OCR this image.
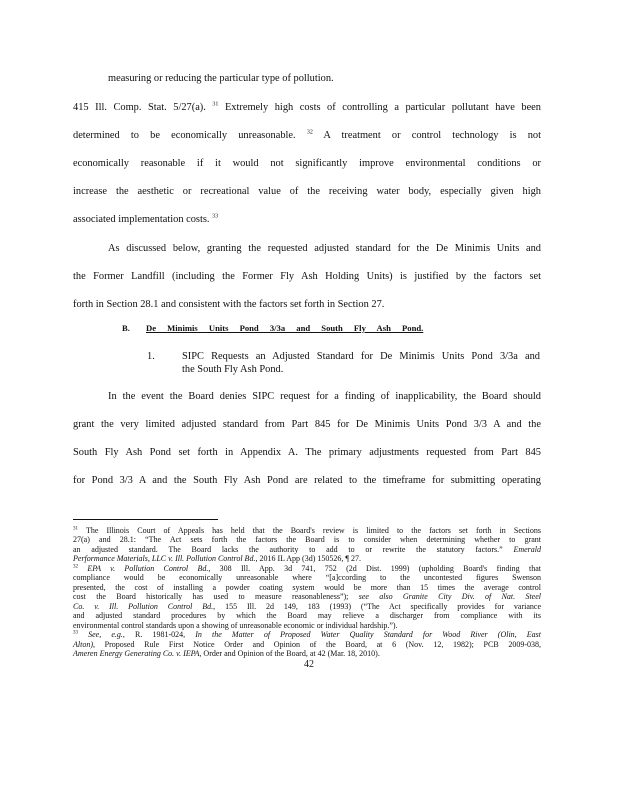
measuring or reducing the particular type of pollution.
415 Ill. Comp. Stat. 5/27(a). $^{31}$ Extremely high costs of controlling a particular pollutant have been
determined to be economically unreasonable. $^{32}$ A treatment or control technology is not
economically reasonable if it would not significantly improve environmental conditions or
increase the aesthetic or recreational value of the receiving water body, especially given high
associated implementation costs. $^{33}$
As discussed below, granting the requested adjusted standard for the De Minimis Units and
the Former Landfill (including the Former Fly Ash Holding Units) is justified by the factors set
forth in Section 28.1 and consistent with the factors set forth in Section 27.
B. De Minimis Units Pond 3/3a and South Fly Ash Pond.
1.	SIPC Requests an Adjusted Standard for De Minimis Units Pond 3/3a and
the South Fly Ash Pond.
In the event the Board denies SIPC request for a finding of inapplicability, the Board should
grant the very limited adjusted standard from Part 845 for De Minimis Units Pond 3/3 A and the
South Fly Ash Pond set forth in Appendix A. The primary adjustments requested from Part 845
for Pond 3/3 A and the South Fly Ash Pond are related to the timeframe for submitting operating
$^{31}$ The Illinois Court of Appeals has held that the Board's review is limited to the factors set forth in Sections
27(a) and 28.1: “The Act sets forth the factors the Board is to consider when determining whether to grant
an adjusted standard. The Board lacks the authority to add to or rewrite the statutory factors.” Emerald
Performance Materials, LLC v. Ill. Pollution Control Bd., 2016 IL App (3d) 150526, ¶ 27.
$^{32}$ EPA v. Pollution Control Bd., 308 Ill. App. 3d 741, 752 (2d Dist. 1999) (upholding Board's finding that
compliance would be economically unreasonable where “[a]ccording to the uncontested figures Swenson
presented, the cost of installing a powder coating system would be more than 15 times the average control
cost the Board historically has used to measure reasonableness”); see also Granite City Div. of Nat. Steel
Co. v. Ill. Pollution Control Bd., 155 Ill. 2d 149, 183 (1993) (“The Act specifically provides for variance
and adjusted standard procedures by which the Board may relieve a discharger from compliance with its
environmental control standards upon a showing of unreasonable economic or individual hardship.”).
$^{33}$ See, e.g., R. 1981-024, In the Matter of Proposed Water Quality Standard for Wood River (Olin, East
Alton), Proposed Rule First Notice Order and Opinion of the Board, at 6 (Nov. 12, 1982); PCB 2009-038,
Ameren Energy Generating Co. v. IEPA, Order and Opinion of the Board, at 42 (Mar. 18, 2010).
42
